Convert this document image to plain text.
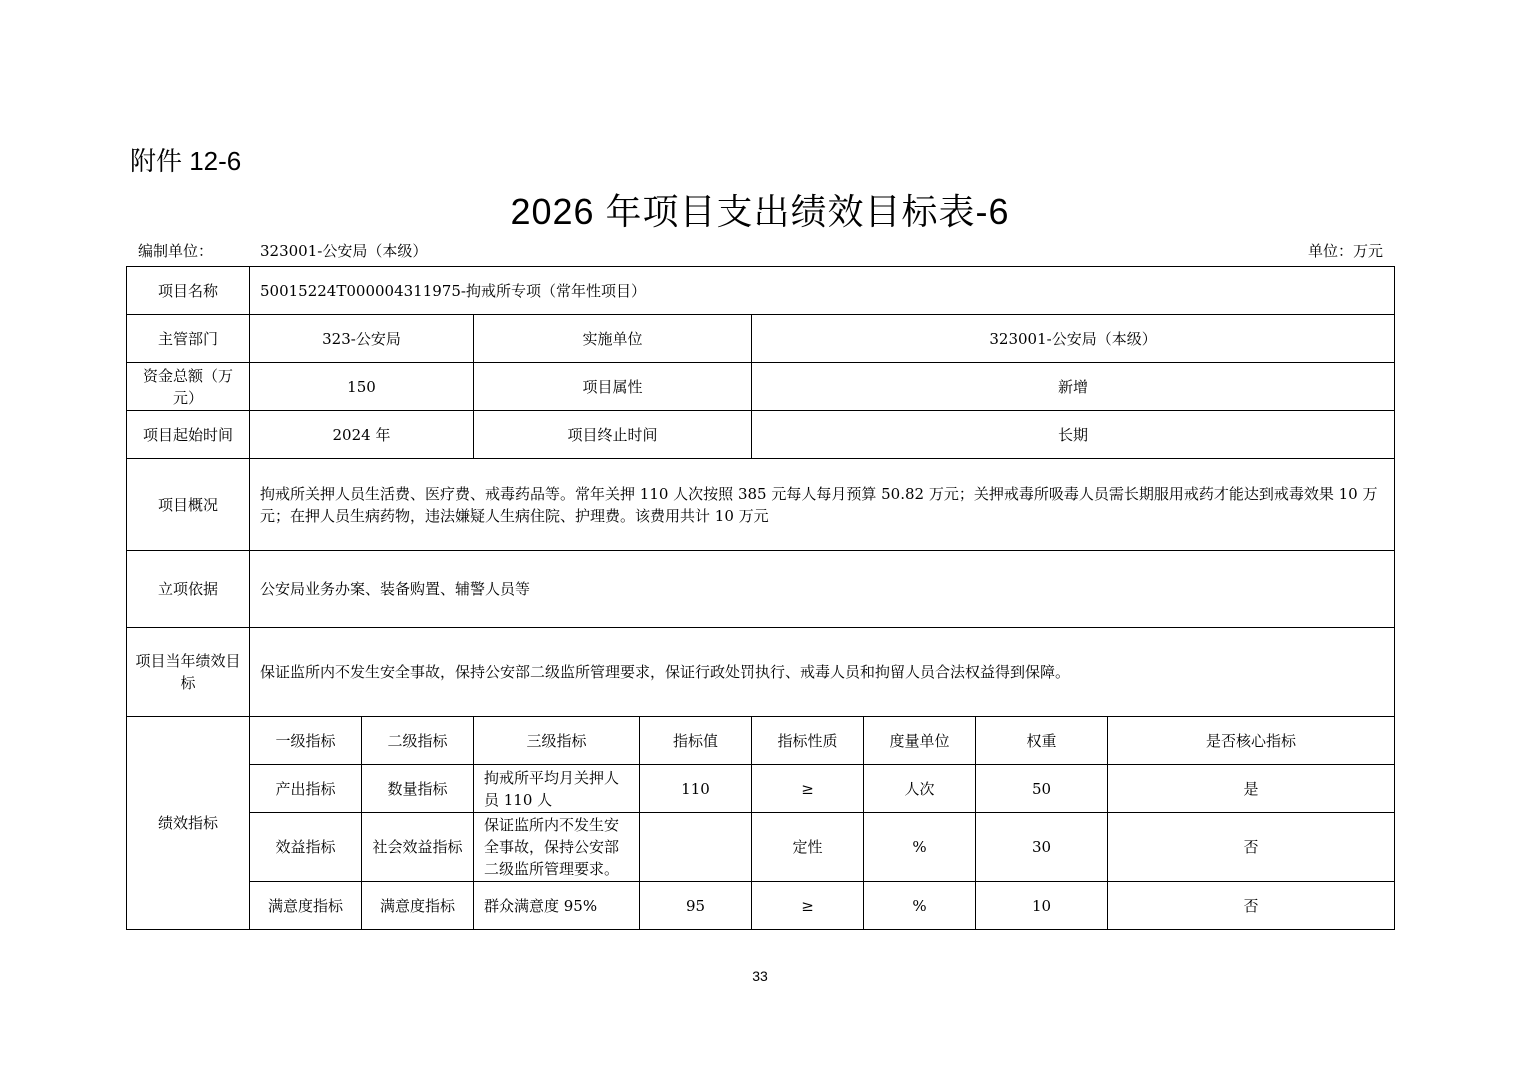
附件 12-6
2026 年项目支出绩效目标表-6
编制单位：	323001-公安局（本级）	单位：万元
项目名称	50015224T000004311975-拘戒所专项（常年性项目）							
主管部门	323-公安局		实施单位		323001-公安局（本级）			
资金总额（万元）	150		项目属性		新增			
项目起始时间	2024 年		项目终止时间		长期			
项目概况	拘戒所关押人员生活费、医疗费、戒毒药品等。常年关押 110 人次按照 385 元每人每月预算 50.82 万元；关押戒毒所吸毒人员需长期服用戒药才能达到戒毒效果 10 万元；在押人员生病药物，违法嫌疑人生病住院、护理费。该费用共计 10 万元							
立项依据	公安局业务办案、装备购置、辅警人员等							
项目当年绩效目标	保证监所内不发生安全事故，保持公安部二级监所管理要求，保证行政处罚执行、戒毒人员和拘留人员合法权益得到保障。							
绩效指标	一级指标	二级指标	三级指标	指标值	指标性质	度量单位	权重	是否核心指标
	产出指标	数量指标	拘戒所平均月关押人员 110 人	110	≥	人次	50	是
	效益指标	社会效益指标	保证监所内不发生安全事故，保持公安部二级监所管理要求。		定性	%	30	否
	满意度指标	满意度指标	群众满意度 95%	95	≥	%	10	否
33
